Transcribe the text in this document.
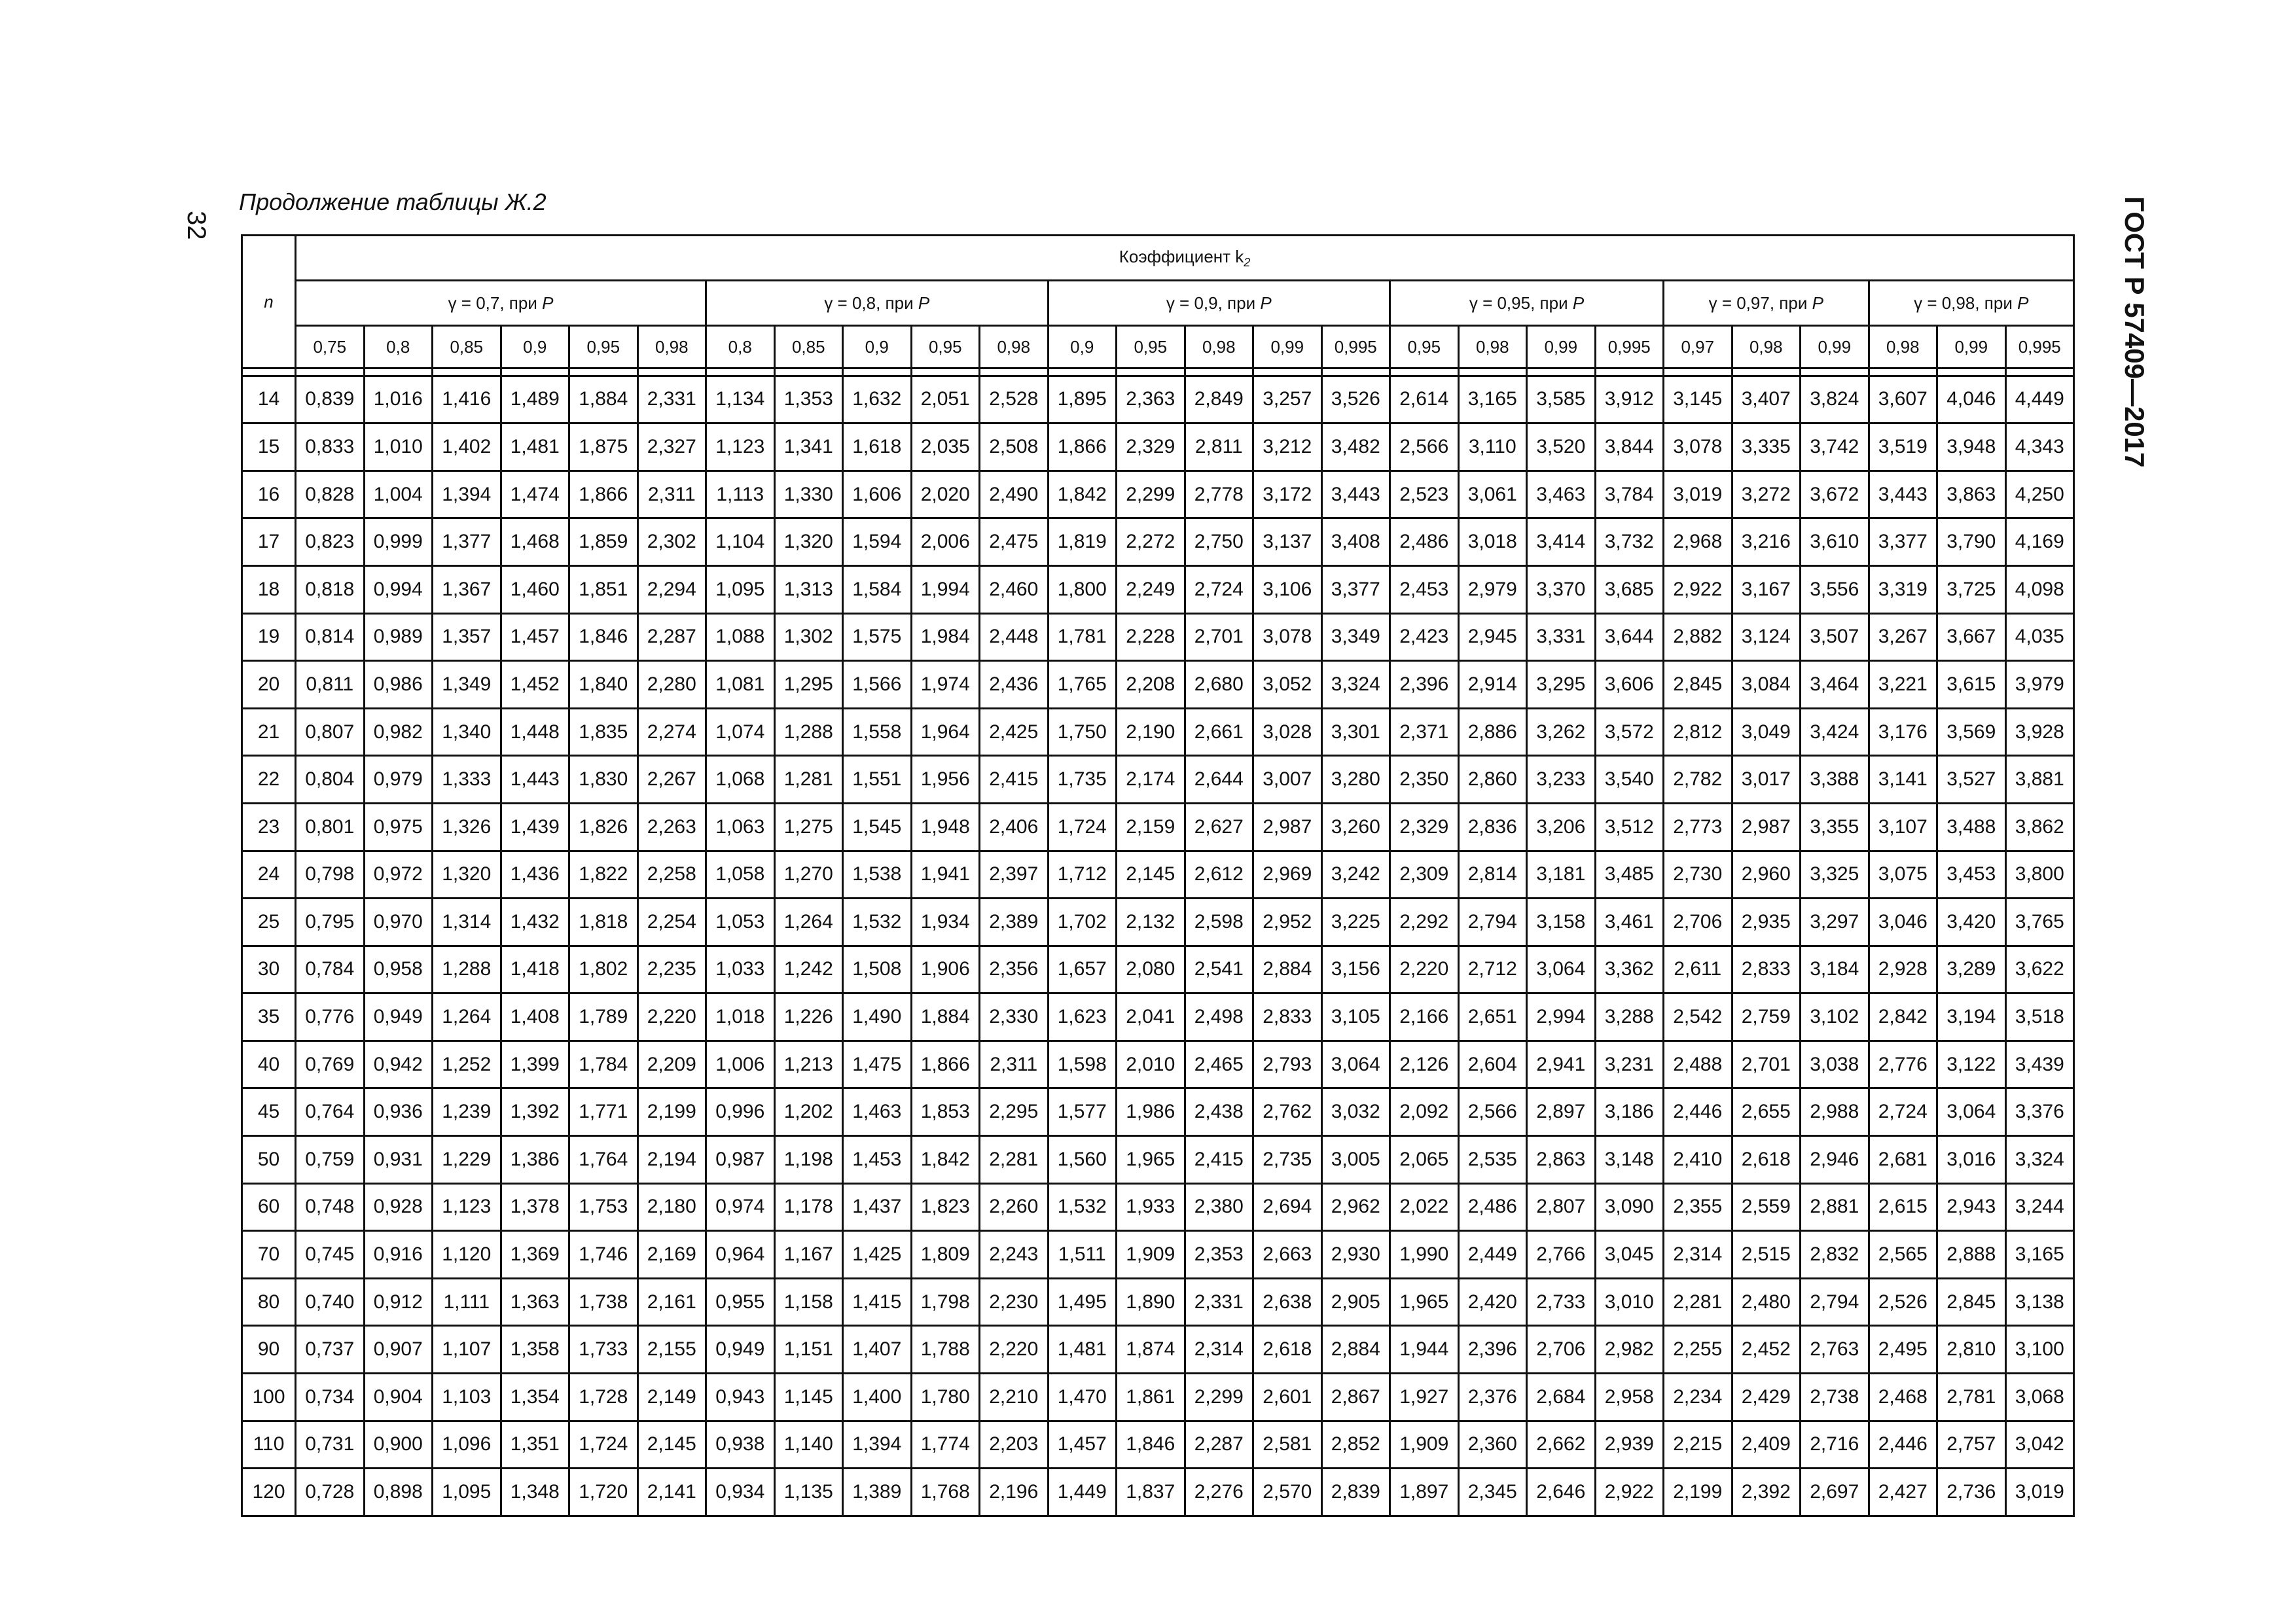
32
Продолжение таблицы Ж.2	ГОСТ Р 57409—2017
n	Коэффициент $k_2$
	γ = 0,7, при P						γ = 0,8, при P					γ = 0,9, при P					γ = 0,95, при P				γ = 0,97, при P			γ = 0,98, при P		
	0,75	0,8	0,85	0,9	0,95	0,98	0,8	0,85	0,9	0,95	0,98	0,9	0,95	0,98	0,99	0,995	0,95	0,98	0,99	0,995	0,97	0,98	0,99	0,98	0,99	0,995

14	0,839	1,016	1,416	1,489	1,884	2,331	1,134	1,353	1,632	2,051	2,528	1,895	2,363	2,849	3,257	3,526	2,614	3,165	3,585	3,912	3,145	3,407	3,824	3,607	4,046	4,449
15	0,833	1,010	1,402	1,481	1,875	2,327	1,123	1,341	1,618	2,035	2,508	1,866	2,329	2,811	3,212	3,482	2,566	3,110	3,520	3,844	3,078	3,335	3,742	3,519	3,948	4,343
16	0,828	1,004	1,394	1,474	1,866	2,311	1,113	1,330	1,606	2,020	2,490	1,842	2,299	2,778	3,172	3,443	2,523	3,061	3,463	3,784	3,019	3,272	3,672	3,443	3,863	4,250
17	0,823	0,999	1,377	1,468	1,859	2,302	1,104	1,320	1,594	2,006	2,475	1,819	2,272	2,750	3,137	3,408	2,486	3,018	3,414	3,732	2,968	3,216	3,610	3,377	3,790	4,169
18	0,818	0,994	1,367	1,460	1,851	2,294	1,095	1,313	1,584	1,994	2,460	1,800	2,249	2,724	3,106	3,377	2,453	2,979	3,370	3,685	2,922	3,167	3,556	3,319	3,725	4,098
19	0,814	0,989	1,357	1,457	1,846	2,287	1,088	1,302	1,575	1,984	2,448	1,781	2,228	2,701	3,078	3,349	2,423	2,945	3,331	3,644	2,882	3,124	3,507	3,267	3,667	4,035
20	0,811	0,986	1,349	1,452	1,840	2,280	1,081	1,295	1,566	1,974	2,436	1,765	2,208	2,680	3,052	3,324	2,396	2,914	3,295	3,606	2,845	3,084	3,464	3,221	3,615	3,979
21	0,807	0,982	1,340	1,448	1,835	2,274	1,074	1,288	1,558	1,964	2,425	1,750	2,190	2,661	3,028	3,301	2,371	2,886	3,262	3,572	2,812	3,049	3,424	3,176	3,569	3,928
22	0,804	0,979	1,333	1,443	1,830	2,267	1,068	1,281	1,551	1,956	2,415	1,735	2,174	2,644	3,007	3,280	2,350	2,860	3,233	3,540	2,782	3,017	3,388	3,141	3,527	3,881
23	0,801	0,975	1,326	1,439	1,826	2,263	1,063	1,275	1,545	1,948	2,406	1,724	2,159	2,627	2,987	3,260	2,329	2,836	3,206	3,512	2,773	2,987	3,355	3,107	3,488	3,862
24	0,798	0,972	1,320	1,436	1,822	2,258	1,058	1,270	1,538	1,941	2,397	1,712	2,145	2,612	2,969	3,242	2,309	2,814	3,181	3,485	2,730	2,960	3,325	3,075	3,453	3,800
25	0,795	0,970	1,314	1,432	1,818	2,254	1,053	1,264	1,532	1,934	2,389	1,702	2,132	2,598	2,952	3,225	2,292	2,794	3,158	3,461	2,706	2,935	3,297	3,046	3,420	3,765
30	0,784	0,958	1,288	1,418	1,802	2,235	1,033	1,242	1,508	1,906	2,356	1,657	2,080	2,541	2,884	3,156	2,220	2,712	3,064	3,362	2,611	2,833	3,184	2,928	3,289	3,622
35	0,776	0,949	1,264	1,408	1,789	2,220	1,018	1,226	1,490	1,884	2,330	1,623	2,041	2,498	2,833	3,105	2,166	2,651	2,994	3,288	2,542	2,759	3,102	2,842	3,194	3,518
40	0,769	0,942	1,252	1,399	1,784	2,209	1,006	1,213	1,475	1,866	2,311	1,598	2,010	2,465	2,793	3,064	2,126	2,604	2,941	3,231	2,488	2,701	3,038	2,776	3,122	3,439
45	0,764	0,936	1,239	1,392	1,771	2,199	0,996	1,202	1,463	1,853	2,295	1,577	1,986	2,438	2,762	3,032	2,092	2,566	2,897	3,186	2,446	2,655	2,988	2,724	3,064	3,376
50	0,759	0,931	1,229	1,386	1,764	2,194	0,987	1,198	1,453	1,842	2,281	1,560	1,965	2,415	2,735	3,005	2,065	2,535	2,863	3,148	2,410	2,618	2,946	2,681	3,016	3,324
60	0,748	0,928	1,123	1,378	1,753	2,180	0,974	1,178	1,437	1,823	2,260	1,532	1,933	2,380	2,694	2,962	2,022	2,486	2,807	3,090	2,355	2,559	2,881	2,615	2,943	3,244
70	0,745	0,916	1,120	1,369	1,746	2,169	0,964	1,167	1,425	1,809	2,243	1,511	1,909	2,353	2,663	2,930	1,990	2,449	2,766	3,045	2,314	2,515	2,832	2,565	2,888	3,165
80	0,740	0,912	1,111	1,363	1,738	2,161	0,955	1,158	1,415	1,798	2,230	1,495	1,890	2,331	2,638	2,905	1,965	2,420	2,733	3,010	2,281	2,480	2,794	2,526	2,845	3,138
90	0,737	0,907	1,107	1,358	1,733	2,155	0,949	1,151	1,407	1,788	2,220	1,481	1,874	2,314	2,618	2,884	1,944	2,396	2,706	2,982	2,255	2,452	2,763	2,495	2,810	3,100
100	0,734	0,904	1,103	1,354	1,728	2,149	0,943	1,145	1,400	1,780	2,210	1,470	1,861	2,299	2,601	2,867	1,927	2,376	2,684	2,958	2,234	2,429	2,738	2,468	2,781	3,068
110	0,731	0,900	1,096	1,351	1,724	2,145	0,938	1,140	1,394	1,774	2,203	1,457	1,846	2,287	2,581	2,852	1,909	2,360	2,662	2,939	2,215	2,409	2,716	2,446	2,757	3,042
120	0,728	0,898	1,095	1,348	1,720	2,141	0,934	1,135	1,389	1,768	2,196	1,449	1,837	2,276	2,570	2,839	1,897	2,345	2,646	2,922	2,199	2,392	2,697	2,427	2,736	3,019
